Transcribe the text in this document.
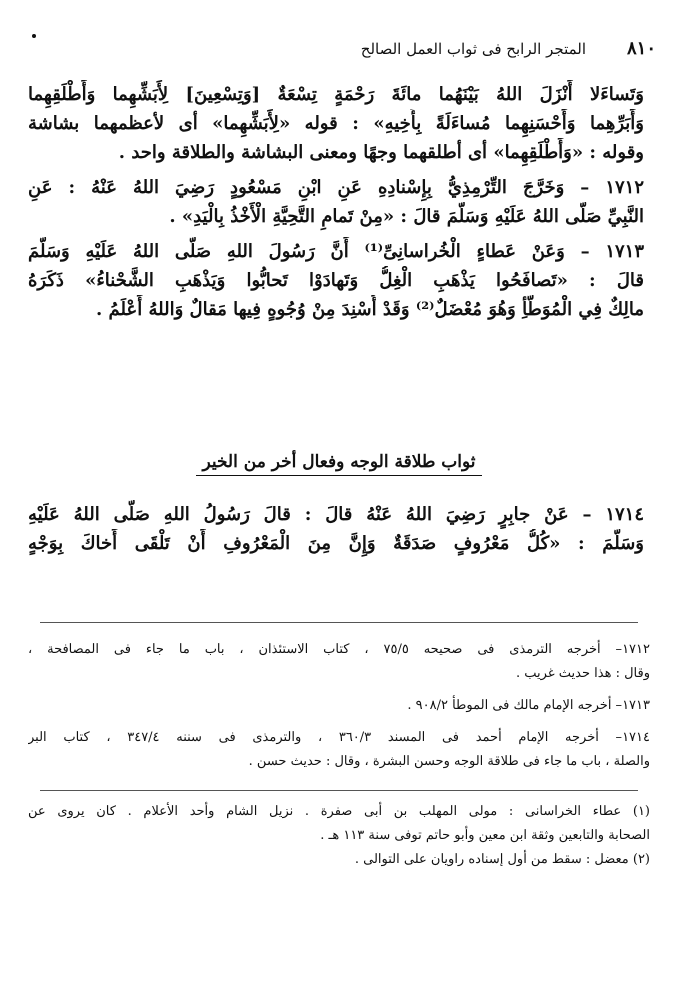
٨١٠
المتجر الرابح فى ثواب العمل الصالح
وَتَساءَلا أَنْزَلَ اللهُ بَيْنَهُما مائَةَ رَحْمَةٍ تِسْعَةٌ [وَتِسْعِينَ] لِأَبَشِّهِما وَأَطْلَقِهِما
وَأَبَرِّهِما وَأَحْسَنِهِما مُساءَلَةً بِأَخِيهِ» : قوله «لِأَبَشِّهِما» أى لأعظمهما بشاشة
وقوله : «وَأَطْلَقِهِما» أى أطلقهما وجهًا ومعنى البشاشة والطلاقة واحد .
١٧١٢ – وَخَرَّجَ التِّرْمِذِيُّ بِإِسْنادِهِ عَنِ ابْنِ مَسْعُودٍ رَضِيَ اللهُ عَنْهُ : عَنِ
النَّبِيِّ صَلَّى اللهُ عَلَيْهِ وَسَلَّمَ قالَ : «مِنْ تَمامِ التَّحِيَّةِ الْأَخْذُ بِالْيَدِ» .
١٧١٣ – وَعَنْ عَطاءٍ الْخُراسانِىِّ⁽¹⁾ أَنَّ رَسُولَ اللهِ صَلَّى اللهُ عَلَيْهِ وَسَلَّمَ
قالَ : «تَصافَحُوا يَذْهَبِ الْغِلُّ وَتَهادَوْا تَحابُّوا وَيَذْهَبِ الشَّحْناءُ» ذَكَرَهُ
مالِكٌ فِي الْمُوَطَّأِ وَهُوَ مُعْضَلٌ⁽²⁾ وَقَدْ أُسْنِدَ مِنْ وُجُوهٍ فِيها مَقالٌ وَاللهُ أَعْلَمُ .
ثواب طلاقة الوجه وفعال أخر من الخير
١٧١٤ – عَنْ جابِرٍ رَضِيَ اللهُ عَنْهُ قالَ : قالَ رَسُولُ اللهِ صَلَّى اللهُ عَلَيْهِ
وَسَلَّمَ : «كُلُّ مَعْرُوفٍ صَدَقَةٌ وَإِنَّ مِنَ الْمَعْرُوفِ أَنْ تَلْقَى أَخاكَ بِوَجْهٍ
١٧١٢– أخرجه الترمذى فى صحيحه ٧٥/٥ ، كتاب الاستئذان ، باب ما جاء فى المصافحة ،
وقال : هذا حديث غريب .
١٧١٣– أخرجه الإمام مالك فى الموطأ ٩٠٨/٢ .
١٧١٤– أخرجه الإمام أحمد فى المسند ٣٦٠/٣ ، والترمذى فى سننه ٣٤٧/٤ ، كتاب البر
والصلة ، باب ما جاء فى طلاقة الوجه وحسن البشرة ، وقال : حديث حسن .
(١) عطاء الخراسانى : مولى المهلب بن أبى صفرة . نزيل الشام وأحد الأعلام . كان يروى عن
الصحابة والتابعين وثقة ابن معين وأبو حاتم توفى سنة ١١٣ هـ .
(٢) معضل : سقط من أول إسناده راويان على التوالى .
